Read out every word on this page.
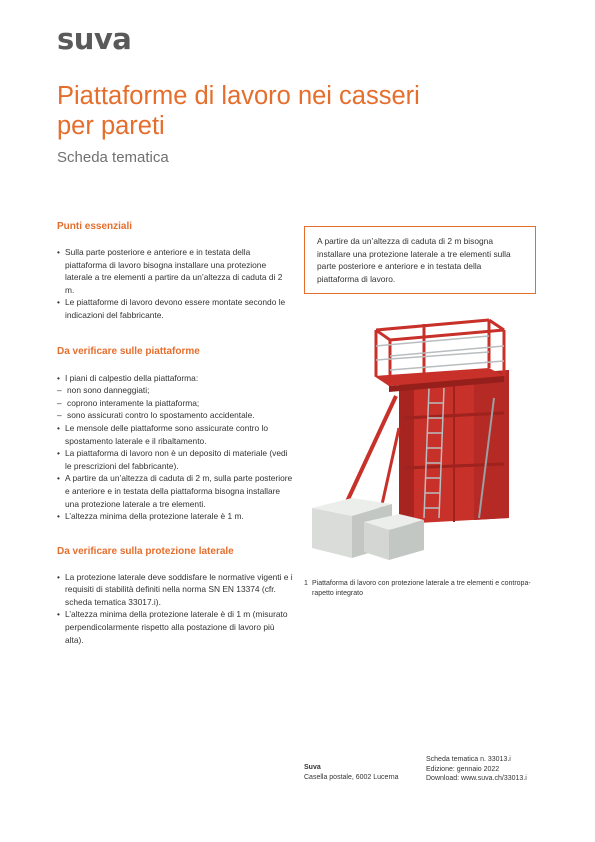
suva
Piattaforme di lavoro nei casseri
per pareti
Scheda tematica
Punti essenziali
• Sulla parte posteriore e anteriore e in testata della piattaforma di lavoro bisogna installare una protezione laterale a tre elementi a partire da un’altezza di caduta di 2 m.
• Le piattaforme di lavoro devono essere montate secondo le indicazioni del fabbricante.
Da verificare sulle piattaforme
• I piani di calpestio della piattaforma:
– non sono danneggiati;
– coprono interamente la piattaforma;
– sono assicurati contro lo spostamento accidentale.
• Le mensole delle piattaforme sono assicurate contro lo spostamento laterale e il ribaltamento.
• La piattaforma di lavoro non è un deposito di materiale (vedi le prescrizioni del fabbricante).
• A partire da un’altezza di caduta di 2 m, sulla parte posteriore e anteriore e in testata della piattaforma bisogna installare una protezione laterale a tre elementi.
• L’altezza minima della protezione laterale è 1 m.
Da verificare sulla protezione laterale
• La protezione laterale deve soddisfare le normative vigenti e i requisiti di stabilità definiti nella norma SN EN 13374 (cfr. scheda tematica 33017.i).
• L’altezza minima della protezione laterale è di 1 m (misurato perpendicolarmente rispetto alla postazione di lavoro più alta).
A partire da un’altezza di caduta di 2 m bisogna installare una protezione laterale a tre elementi sulla parte posteriore e anteriore e in testata della piattaforma di lavoro.
1 Piattaforma di lavoro con protezione laterale a tre elementi e controparapetto integrato
Suva
Casella postale, 6002 Lucerna
Scheda tematica n. 33013.i
Edizione: gennaio 2022
Download: www.suva.ch/33013.i
